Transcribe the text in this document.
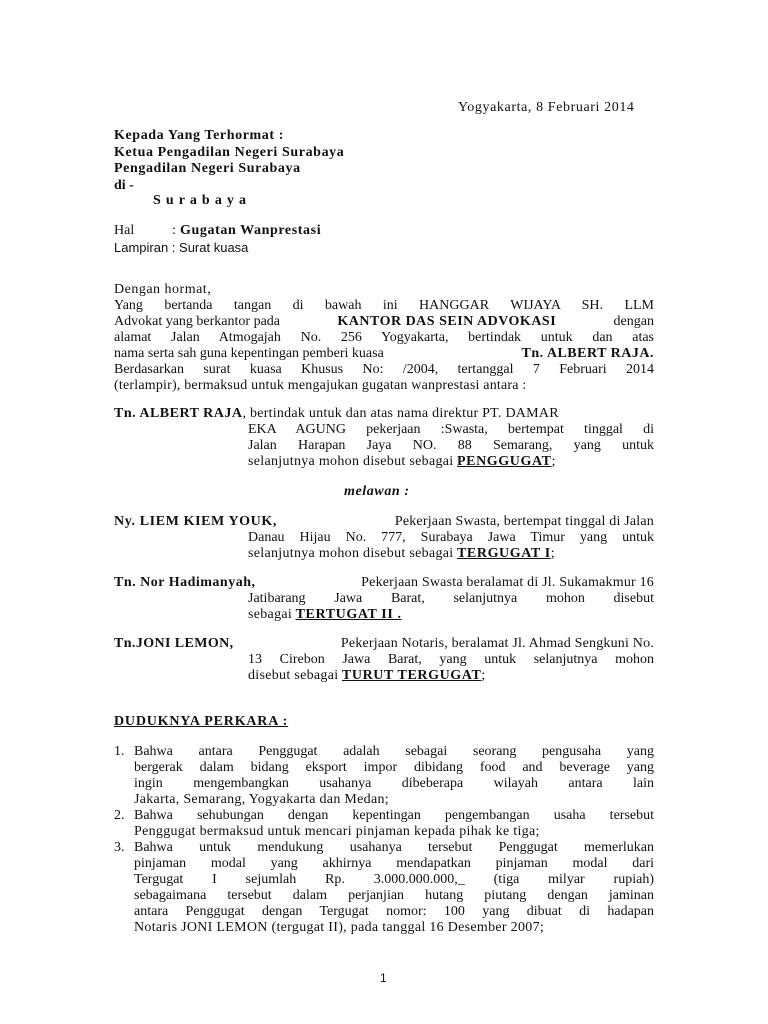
Yogyakarta, 8 Februari 2014
Kepada Yang Terhormat :
Ketua Pengadilan Negeri Surabaya
Pengadilan Negeri Surabaya
di -
S u r a b a y a
Hal	: Gugatan Wanprestasi
Lampiran : Surat kuasa
Dengan hormat,
Yang bertanda tangan di bawah ini HANGGAR WIJAYA SH. LLM
Advokat yang berkantor pada	KANTOR DAS SEIN ADVOKASI	dengan
alamat Jalan Atmogajah No. 256 Yogyakarta, bertindak untuk dan atas
nama serta sah guna kepentingan pemberi kuasa	Tn. ALBERT RAJA.
Berdasarkan surat kuasa Khusus No: /2004, tertanggal 7 Februari 2014
(terlampir), bermaksud untuk mengajukan gugatan wanprestasi antara :
Tn. ALBERT RAJA , bertindak untuk dan atas nama direktur PT. DAMAR
EKA AGUNG pekerjaan :Swasta, bertempat tinggal di
Jalan Harapan Jaya NO. 88 Semarang, yang untuk
selanjutnya mohon disebut sebagai PENGGUGAT;
melawan :
Ny. LIEM KIEM YOUK,	Pekerjaan Swasta, bertempat tinggal di Jalan
Danau Hijau No. 777, Surabaya Jawa Timur yang untuk
selanjutnya mohon disebut sebagai TERGUGAT I;
Tn. Nor Hadimanyah,	Pekerjaan Swasta beralamat di Jl. Sukamakmur 16
Jatibarang Jawa Barat, selanjutnya mohon disebut
sebagai TERTUGAT II .
Tn.JONI LEMON,	Pekerjaan Notaris, beralamat Jl. Ahmad Sengkuni No.
13 Cirebon Jawa Barat, yang untuk selanjutnya mohon
disebut sebagai TURUT TERGUGAT;
DUDUKNYA PERKARA :
1. Bahwa antara Penggugat adalah sebagai seorang pengusaha yang
bergerak dalam bidang eksport impor dibidang food and beverage yang
ingin mengembangkan usahanya dibeberapa wilayah antara lain
Jakarta, Semarang, Yogyakarta dan Medan;
2. Bahwa sehubungan dengan kepentingan pengembangan usaha tersebut
Penggugat bermaksud untuk mencari pinjaman kepada pihak ke tiga;
3. Bahwa untuk mendukung usahanya tersebut Penggugat memerlukan
pinjaman modal yang akhirnya mendapatkan pinjaman modal dari
Tergugat I sejumlah Rp. 3.000.000.000,_ (tiga milyar rupiah)
sebagaimana tersebut dalam perjanjian hutang piutang dengan jaminan
antara Penggugat dengan Tergugat nomor: 100 yang dibuat di hadapan
Notaris JONI LEMON (tergugat II), pada tanggal 16 Desember 2007;
1
